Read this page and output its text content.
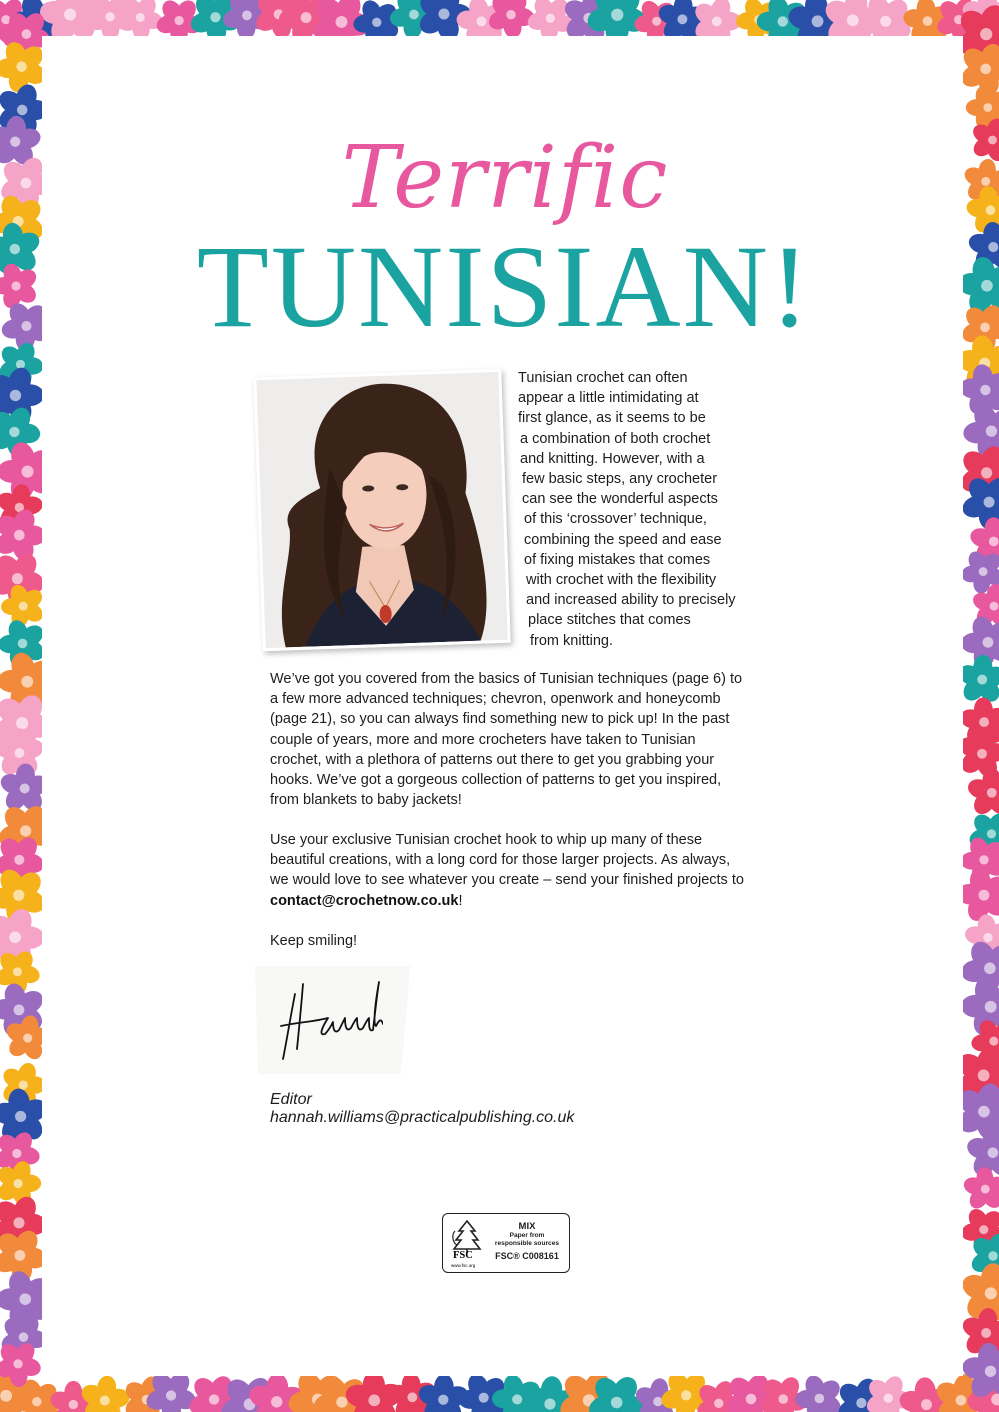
Terrific
TUNISIAN!
Tunisian crochet can often
appear a little intimidating at
first glance, as it seems to be
a combination of both crochet
and knitting. However, with a
few basic steps, any crocheter
can see the wonderful aspects
of this ‘crossover’ technique,
combining the speed and ease
of fixing mistakes that comes
with crochet with the flexibility
and increased ability to precisely
place stitches that comes
from knitting.

We’ve got you covered from the basics of Tunisian techniques (page 6) to a few more advanced techniques; chevron, openwork and honeycomb (page 21), so you can always find something new to pick up! In the past couple of years, more and more crocheters have taken to Tunisian crochet, with a plethora of patterns out there to get you grabbing your hooks. We’ve got a gorgeous collection of patterns to get you inspired, from blankets to baby jackets!

Use your exclusive Tunisian crochet hook to whip up many of these beautiful creations, with a long cord for those larger projects. As always, we would love to see whatever you create – send your finished projects to contact@crochetnow.co.uk!

Keep smiling!

Editor
hannah.williams@practicalpublishing.co.uk
FSC
www.fsc.org
MIX
Paper from
responsible sources
FSC® C008161
